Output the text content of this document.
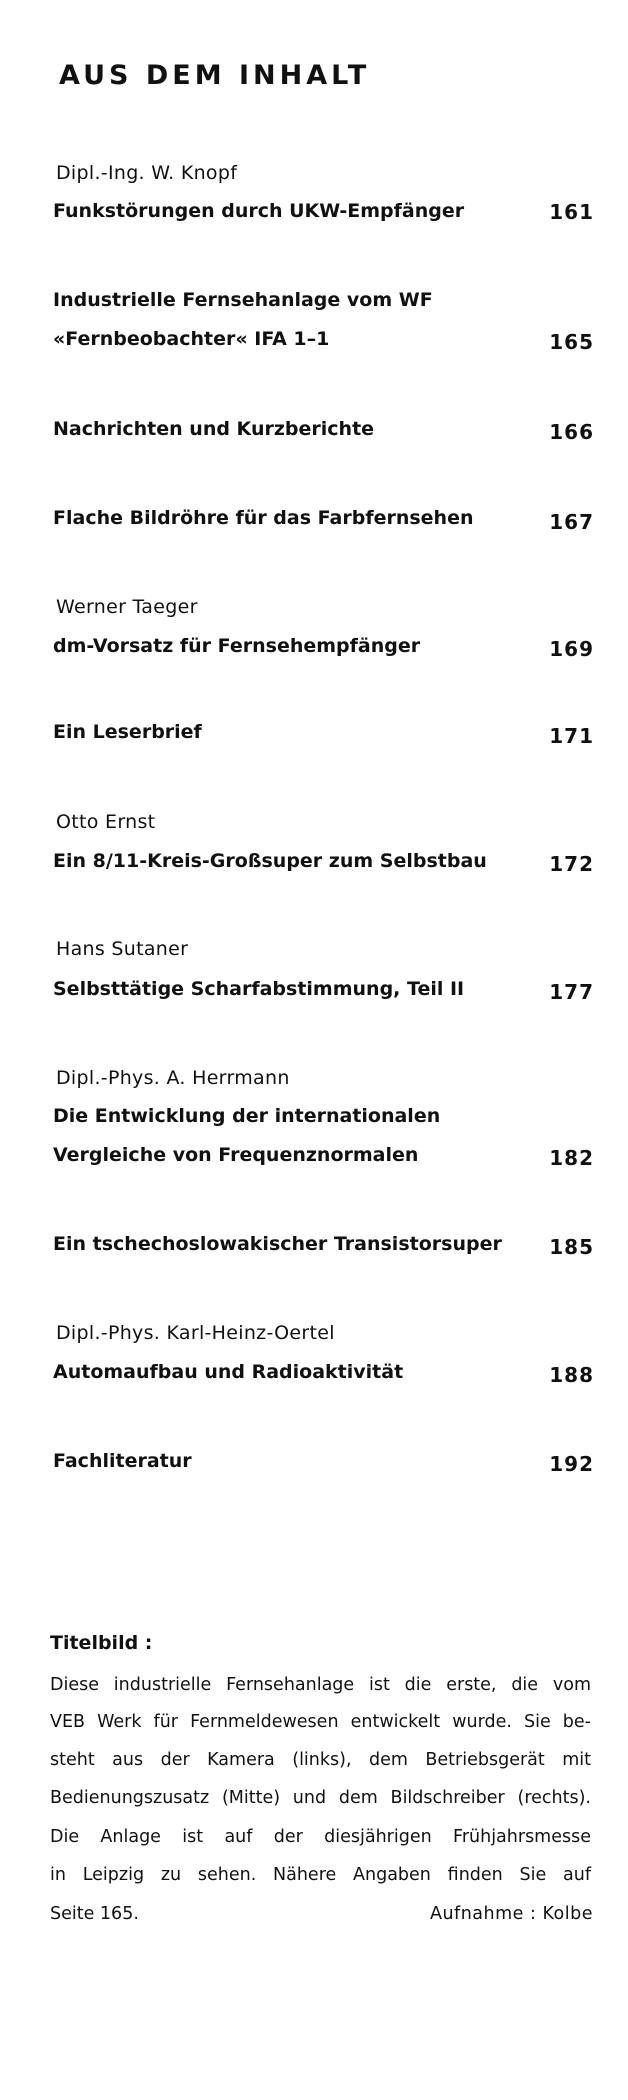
AUS DEM INHALT
Dipl.-Ing. W. Knopf
Funkstörungen durch UKW-Empfänger	161
Industrielle Fernsehanlage vom WF
«Fernbeobachter« IFA 1–1	165
Nachrichten und Kurzberichte	166
Flache Bildröhre für das Farbfernsehen	167
Werner Taeger
dm-Vorsatz für Fernsehempfänger	169
Ein Leserbrief	171
Otto Ernst
Ein 8/11-Kreis-Großsuper zum Selbstbau	172
Hans Sutaner
Selbsttätige Scharfabstimmung, Teil II	177
Dipl.-Phys. A. Herrmann
Die Entwicklung der internationalen
Vergleiche von Frequenznormalen	182
Ein tschechoslowakischer Transistorsuper	185
Dipl.-Phys. Karl-Heinz-Oertel
Automaufbau und Radioaktivität	188
Fachliteratur	192
Titelbild :
Diese industrielle Fernsehanlage ist die erste, die vom
VEB Werk für Fernmeldewesen entwickelt wurde. Sie be-
steht aus der Kamera (links), dem Betriebsgerät mit
Bedienungszusatz (Mitte) und dem Bildschreiber (rechts).
Die Anlage ist auf der diesjährigen Frühjahrsmesse
in Leipzig zu sehen. Nähere Angaben finden Sie auf
Seite 165.	Aufnahme : Kolbe
